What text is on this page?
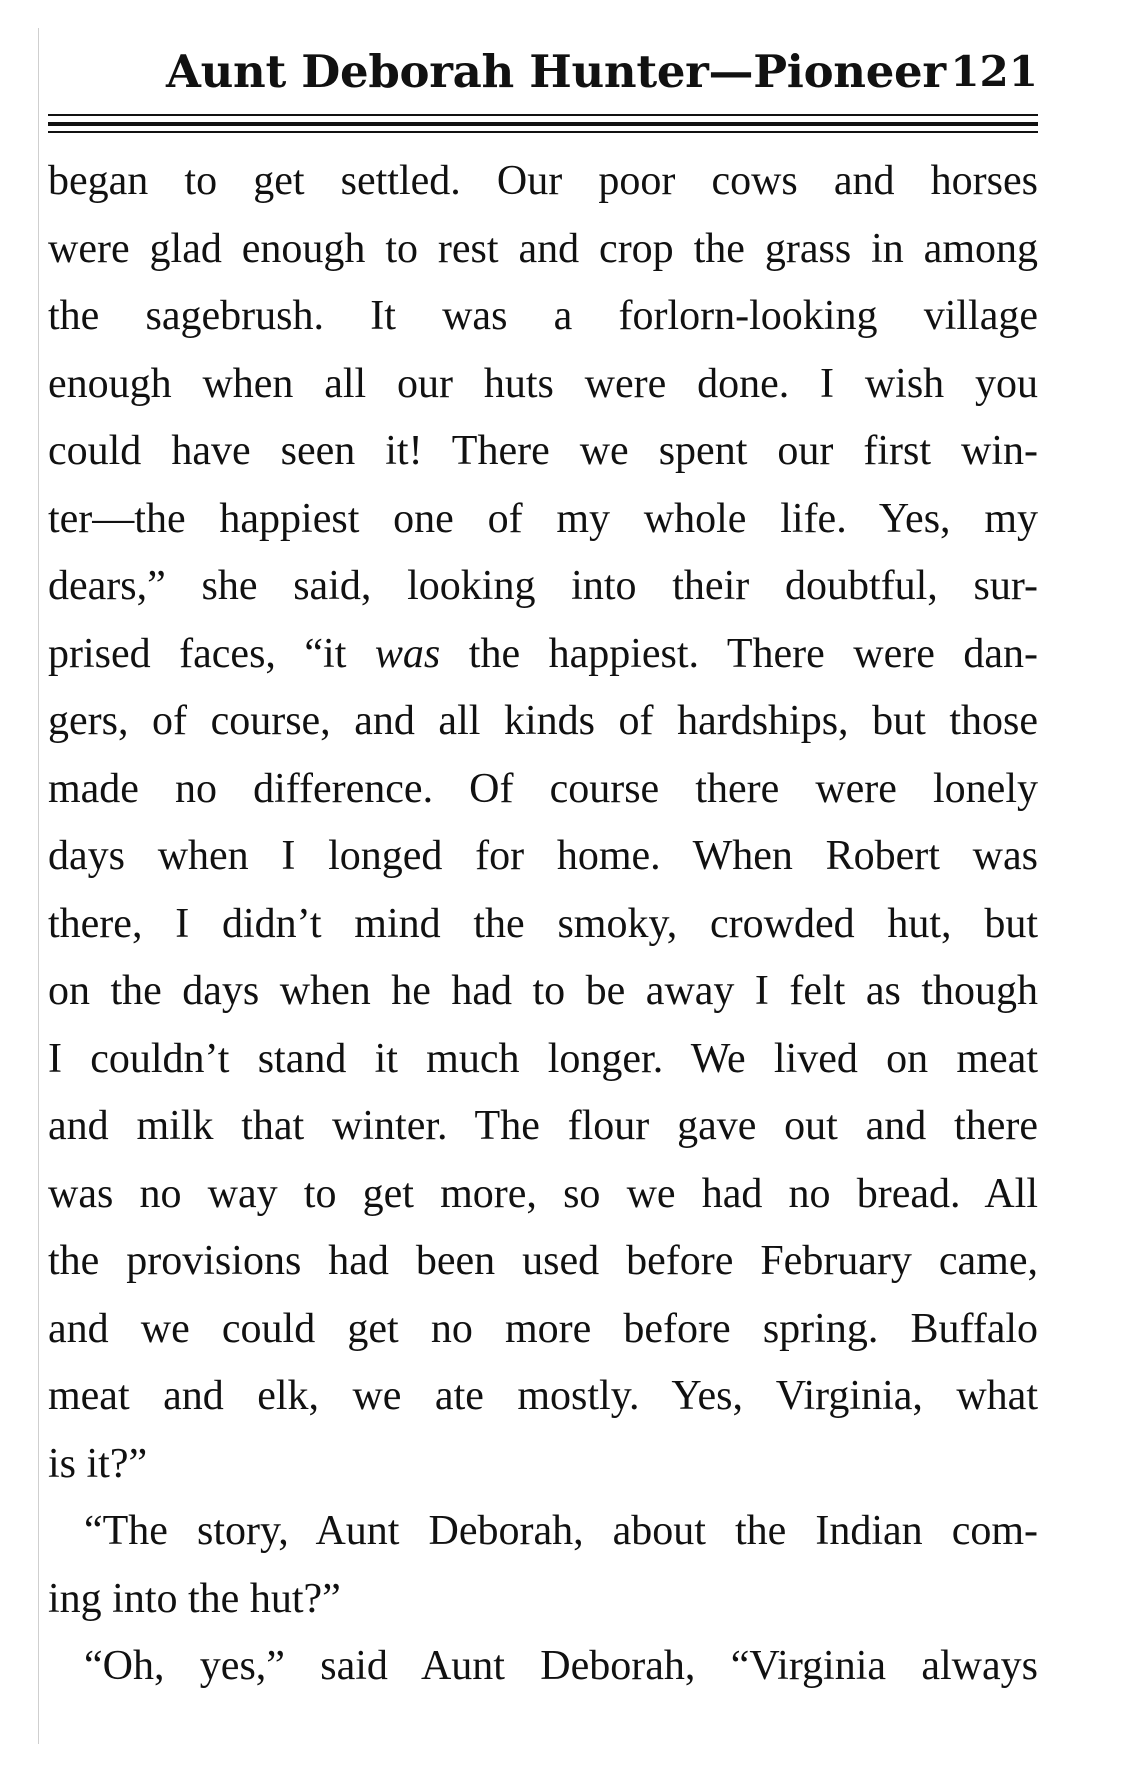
Aunt Deborah Hunter—Pioneer 121
began to get settled. Our poor cows and horses
were glad enough to rest and crop the grass in among
the sagebrush. It was a forlorn-looking village
enough when all our huts were done. I wish you
could have seen it! There we spent our first win-
ter—the happiest one of my whole life. Yes, my
dears,” she said, looking into their doubtful, sur-
prised faces, “it was the happiest. There were dan-
gers, of course, and all kinds of hardships, but those
made no difference. Of course there were lonely
days when I longed for home. When Robert was
there, I didn’t mind the smoky, crowded hut, but
on the days when he had to be away I felt as though
I couldn’t stand it much longer. We lived on meat
and milk that winter. The flour gave out and there
was no way to get more, so we had no bread. All
the provisions had been used before February came,
and we could get no more before spring. Buffalo
meat and elk, we ate mostly. Yes, Virginia, what
is it?”
“The story, Aunt Deborah, about the Indian com-
ing into the hut?”
“Oh, yes,” said Aunt Deborah, “Virginia always
